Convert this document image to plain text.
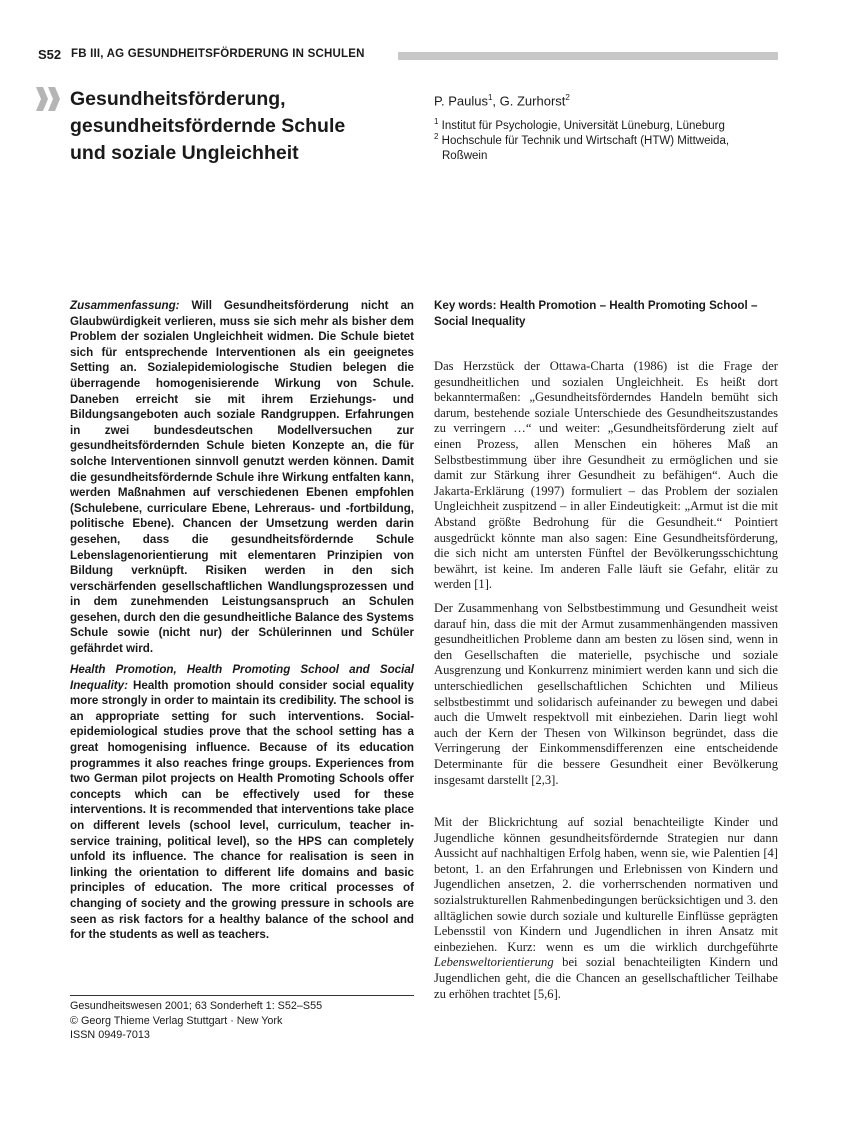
S52 FB III, AG GESUNDHEITSFÖRDERUNG IN SCHULEN
Gesundheitsförderung,
gesundheitsfördernde Schule
und soziale Ungleichheit
P. Paulus$^1$, G. Zurhorst$^2$
$^1$ Institut für Psychologie, Universität Lüneburg, Lüneburg
$^2$ Hochschule für Technik und Wirtschaft (HTW) Mittweida,
Roßwein
Zusammenfassung: Will Gesundheitsförderung nicht an Glaubwürdigkeit verlieren, muss sie sich mehr als bisher dem Problem der sozialen Ungleichheit widmen. Die Schule bietet sich für entsprechende Interventionen als ein geeignetes Setting an. Sozialepidemiologische Studien belegen die überragende homogenisierende Wirkung von Schule. Daneben erreicht sie mit ihrem Erziehungs- und Bildungsangeboten auch soziale Randgruppen. Erfahrungen in zwei bundesdeutschen Modellversuchen zur gesundheitsfördernden Schule bieten Konzepte an, die für solche Interventionen sinnvoll genutzt werden können. Damit die gesundheitsfördernde Schule ihre Wirkung entfalten kann, werden Maßnahmen auf verschiedenen Ebenen empfohlen (Schulebene, curriculare Ebene, Lehreraus- und -fortbildung, politische Ebene). Chancen der Umsetzung werden darin gesehen, dass die gesundheitsfördernde Schule Lebenslagenorientierung mit elementaren Prinzipien von Bildung verknüpft. Risiken werden in den sich verschärfenden gesellschaftlichen Wandlungsprozessen und in dem zunehmenden Leistungsanspruch an Schulen gesehen, durch den die gesundheitliche Balance des Systems Schule sowie (nicht nur) der Schülerinnen und Schüler gefährdet wird.
Health Promotion, Health Promoting School and Social Inequality: Health promotion should consider social equality more strongly in order to maintain its credibility. The school is an appropriate setting for such interventions. Social-epidemiological studies prove that the school setting has a great homogenising influence. Because of its education programmes it also reaches fringe groups. Experiences from two German pilot projects on Health Promoting Schools offer concepts which can be effectively used for these interventions. It is recommended that interventions take place on different levels (school level, curriculum, teacher in-service training, political level), so the HPS can completely unfold its influence. The chance for realisation is seen in linking the orientation to different life domains and basic principles of education. The more critical processes of changing of society and the growing pressure in schools are seen as risk factors for a healthy balance of the school and for the students as well as teachers.
Key words: Health Promotion – Health Promoting School – Social Inequality
Das Herzstück der Ottawa-Charta (1986) ist die Frage der gesundheitlichen und sozialen Ungleichheit. Es heißt dort bekanntermaßen: „Gesundheitsförderndes Handeln bemüht sich darum, bestehende soziale Unterschiede des Gesundheitszustandes zu verringern …“ und weiter: „Gesundheitsförderung zielt auf einen Prozess, allen Menschen ein höheres Maß an Selbstbestimmung über ihre Gesundheit zu ermöglichen und sie damit zur Stärkung ihrer Gesundheit zu befähigen“. Auch die Jakarta-Erklärung (1997) formuliert – das Problem der sozialen Ungleichheit zuspitzend – in aller Eindeutigkeit: „Armut ist die mit Abstand größte Bedrohung für die Gesundheit.“ Pointiert ausgedrückt könnte man also sagen: Eine Gesundheitsförderung, die sich nicht am untersten Fünftel der Bevölkerungsschichtung bewährt, ist keine. Im anderen Falle läuft sie Gefahr, elitär zu werden [1].
Der Zusammenhang von Selbstbestimmung und Gesundheit weist darauf hin, dass die mit der Armut zusammenhängenden massiven gesundheitlichen Probleme dann am besten zu lösen sind, wenn in den Gesellschaften die materielle, psychische und soziale Ausgrenzung und Konkurrenz minimiert werden kann und sich die unterschiedlichen gesellschaftlichen Schichten und Milieus selbstbestimmt und solidarisch aufeinander zu bewegen und dabei auch die Umwelt respektvoll mit einbeziehen. Darin liegt wohl auch der Kern der Thesen von Wilkinson begründet, dass die Verringerung der Einkommensdifferenzen eine entscheidende Determinante für die bessere Gesundheit einer Bevölkerung insgesamt darstellt [2,3].
Mit der Blickrichtung auf sozial benachteiligte Kinder und Jugendliche können gesundheitsfördernde Strategien nur dann Aussicht auf nachhaltigen Erfolg haben, wenn sie, wie Palentien [4] betont, 1. an den Erfahrungen und Erlebnissen von Kindern und Jugendlichen ansetzen, 2. die vorherrschenden normativen und sozialstrukturellen Rahmenbedingungen berücksichtigen und 3. den alltäglichen sowie durch soziale und kulturelle Einflüsse geprägten Lebensstil von Kindern und Jugendlichen in ihren Ansatz mit einbeziehen. Kurz: wenn es um die wirklich durchgeführte Lebensweltorientierung bei sozial benachteiligten Kindern und Jugendlichen geht, die die Chancen an gesellschaftlicher Teilhabe zu erhöhen trachtet [5,6].
Gesundheitswesen 2001; 63 Sonderheft 1: S52–S55
© Georg Thieme Verlag Stuttgart · New York
ISSN 0949-7013
